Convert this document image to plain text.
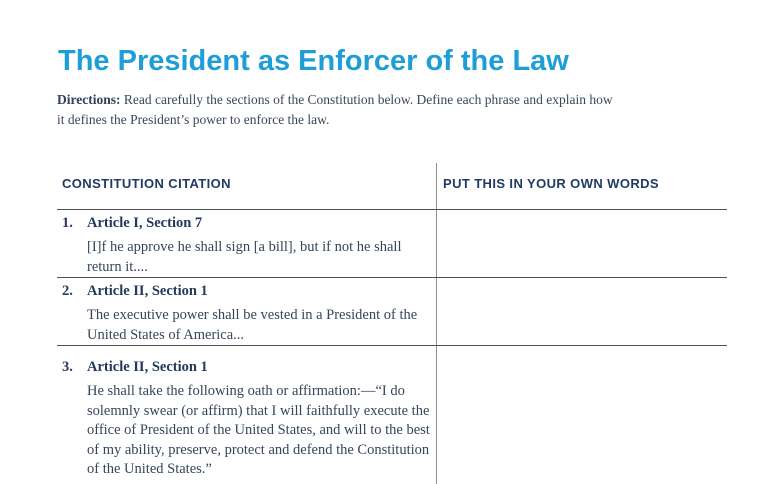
The President as Enforcer of the Law

Directions: Read carefully the sections of the Constitution below. Define each phrase and explain how it defines the President’s power to enforce the law.

CONSTITUTION CITATION	PUT THIS IN YOUR OWN WORDS
1. Article I, Section 7

[I]f he approve he shall sign [a bill], but if not he shall return it....

2. Article II, Section 1

The executive power shall be vested in a President of the United States of America...

3. Article II, Section 1

He shall take the following oath or affirmation:—“I do solemnly swear (or affirm) that I will faithfully execute the office of President of the United States, and will to the best of my ability, preserve, protect and defend the Constitution of the United States.”
